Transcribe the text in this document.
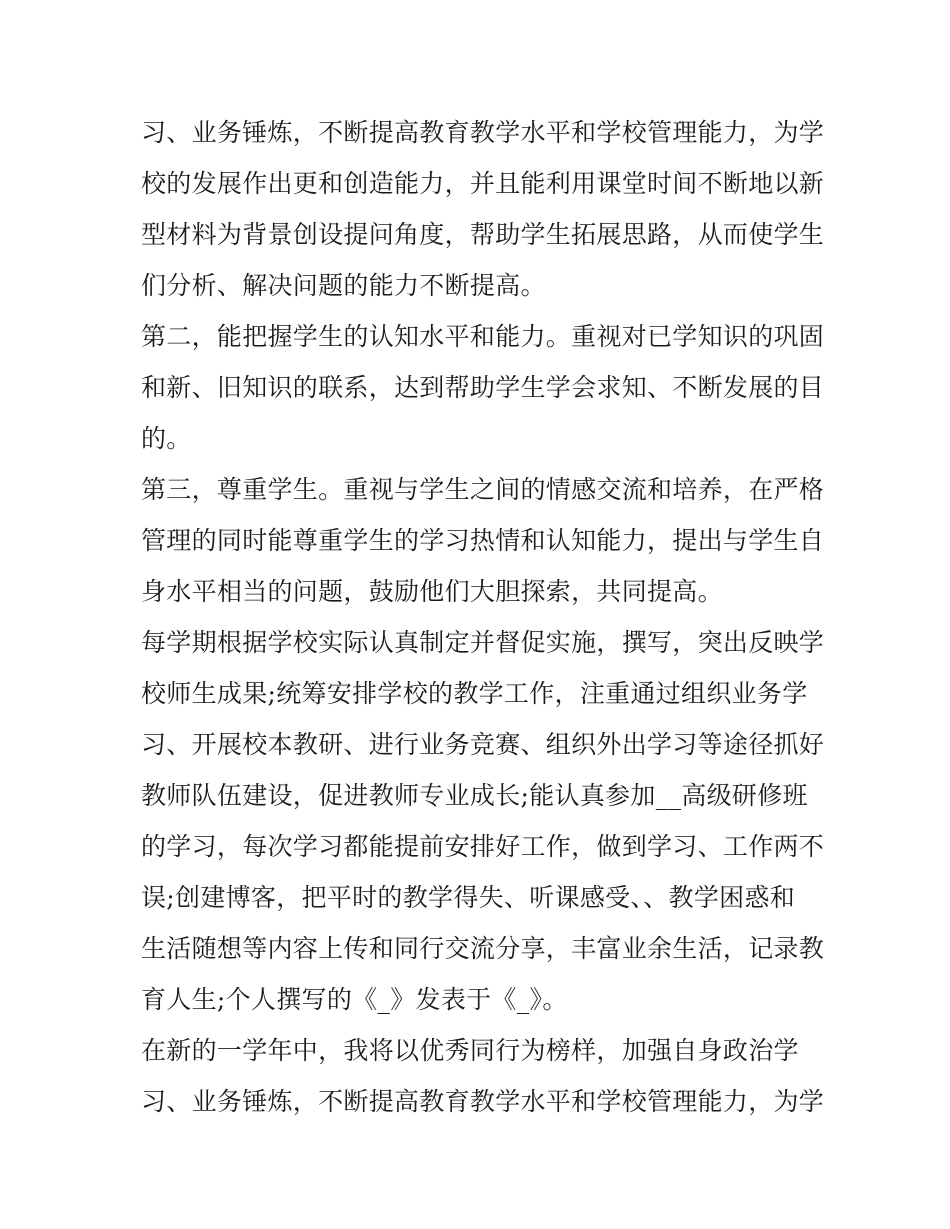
习、业务锤炼，不断提高教育教学水平和学校管理能力，为学
校的发展作出更和创造能力，并且能利用课堂时间不断地以新
型材料为背景创设提问角度，帮助学生拓展思路，从而使学生
们分析、解决问题的能力不断提高。
第二，能把握学生的认知水平和能力。重视对已学知识的巩固
和新、旧知识的联系，达到帮助学生学会求知、不断发展的目
的。
第三，尊重学生。重视与学生之间的情感交流和培养，在严格
管理的同时能尊重学生的学习热情和认知能力，提出与学生自
身水平相当的问题，鼓励他们大胆探索，共同提高。
每学期根据学校实际认真制定并督促实施，撰写，突出反映学
校师生成果;统筹安排学校的教学工作，注重通过组织业务学
习、开展校本教研、进行业务竞赛、组织外出学习等途径抓好
教师队伍建设，促进教师专业成长;能认真参加__高级研修班
的学习，每次学习都能提前安排好工作，做到学习、工作两不
误;创建博客，把平时的教学得失、听课感受、、教学困惑和
生活随想等内容上传和同行交流分享，丰富业余生活，记录教
育人生;个人撰写的《_》发表于《_》。
在新的一学年中，我将以优秀同行为榜样，加强自身政治学
习、业务锤炼，不断提高教育教学水平和学校管理能力，为学
